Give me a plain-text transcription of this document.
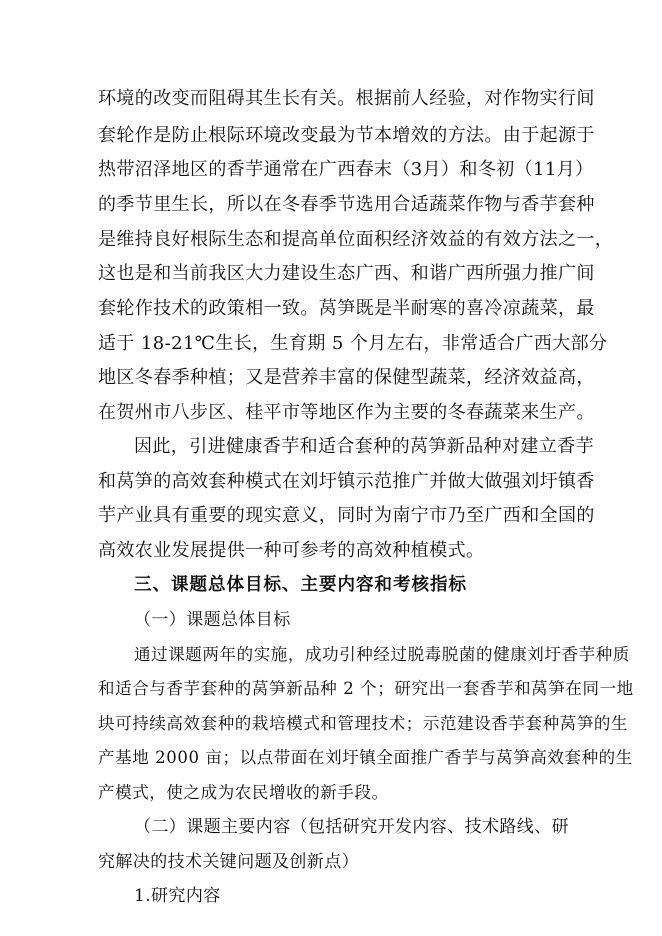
环境的改变而阻碍其生长有关。根据前人经验，对作物实行间
套轮作是防止根际环境改变最为节本增效的方法。由于起源于
热带沼泽地区的香芋通常在广西春末（3月）和冬初（11月）
的季节里生长，所以在冬春季节选用合适蔬菜作物与香芋套种
是维持良好根际生态和提高单位面积经济效益的有效方法之一，
这也是和当前我区大力建设生态广西、和谐广西所强力推广间
套轮作技术的政策相一致。莴笋既是半耐寒的喜冷凉蔬菜，最
适于 18-21℃生长，生育期 5 个月左右，非常适合广西大部分
地区冬春季种植；又是营养丰富的保健型蔬菜，经济效益高，
在贺州市八步区、桂平市等地区作为主要的冬春蔬菜来生产。
因此，引进健康香芋和适合套种的莴笋新品种对建立香芋
和莴笋的高效套种模式在刘圩镇示范推广并做大做强刘圩镇香
芋产业具有重要的现实意义，同时为南宁市乃至广西和全国的
高效农业发展提供一种可参考的高效种植模式。
三、课题总体目标、主要内容和考核指标
（一）课题总体目标
通过课题两年的实施，成功引种经过脱毒脱菌的健康刘圩香芋种质
和适合与香芋套种的莴笋新品种 2 个；研究出一套香芋和莴笋在同一地
块可持续高效套种的栽培模式和管理技术；示范建设香芋套种莴笋的生
产基地 2000 亩；以点带面在刘圩镇全面推广香芋与莴笋高效套种的生
产模式，使之成为农民增收的新手段。
（二）课题主要内容（包括研究开发内容、技术路线、研
究解决的技术关键问题及创新点）
1.研究内容
